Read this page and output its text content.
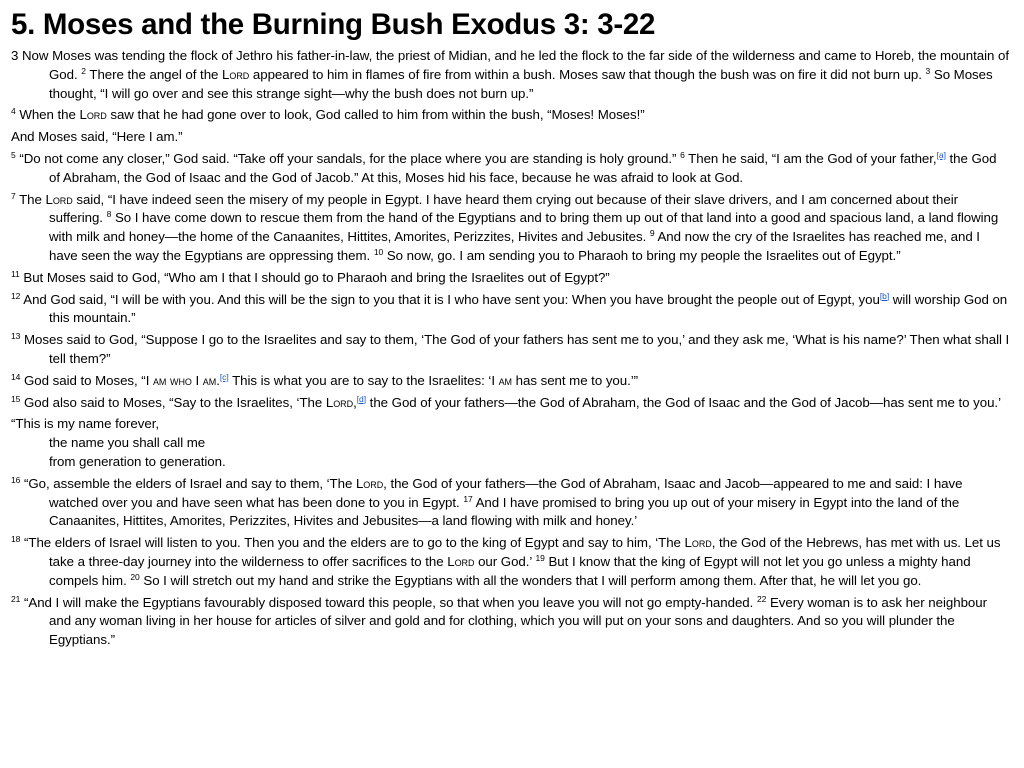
5. Moses and the Burning Bush Exodus 3: 3-22

3 Now Moses was tending the flock of Jethro his father-in-law, the priest of Midian, and he led the flock to the far side of the wilderness and came to Horeb, the mountain of God. $^2$ There the angel of the Lord appeared to him in flames of fire from within a bush. Moses saw that though the bush was on fire it did not burn up. $^3$ So Moses thought, “I will go over and see this strange sight—why the bush does not burn up.”

$^4$ When the Lord saw that he had gone over to look, God called to him from within the bush, “Moses! Moses!”

And Moses said, “Here I am.”

$^5$ “Do not come any closer,” God said. “Take off your sandals, for the place where you are standing is holy ground.” $^6$ Then he said, “I am the God of your father,[a] the God of Abraham, the God of Isaac and the God of Jacob.” At this, Moses hid his face, because he was afraid to look at God.

$^7$ The Lord said, “I have indeed seen the misery of my people in Egypt. I have heard them crying out because of their slave drivers, and I am concerned about their suffering. $^8$ So I have come down to rescue them from the hand of the Egyptians and to bring them up out of that land into a good and spacious land, a land flowing with milk and honey—the home of the Canaanites, Hittites, Amorites, Perizzites, Hivites and Jebusites. $^9$ And now the cry of the Israelites has reached me, and I have seen the way the Egyptians are oppressing them. $^{10}$ So now, go. I am sending you to Pharaoh to bring my people the Israelites out of Egypt.”

$^{11}$ But Moses said to God, “Who am I that I should go to Pharaoh and bring the Israelites out of Egypt?”

$^{12}$ And God said, “I will be with you. And this will be the sign to you that it is I who have sent you: When you have brought the people out of Egypt, you[b] will worship God on this mountain.”

$^{13}$ Moses said to God, “Suppose I go to the Israelites and say to them, ‘The God of your fathers has sent me to you,’ and they ask me, ‘What is his name?’ Then what shall I tell them?”

$^{14}$ God said to Moses, “I am who I am.[c] This is what you are to say to the Israelites: ‘I am has sent me to you.’”

$^{15}$ God also said to Moses, “Say to the Israelites, ‘The Lord,[d] the God of your fathers—the God of Abraham, the God of Isaac and the God of Jacob—has sent me to you.’

“This is my name forever,
the name you shall call me
from generation to generation.

$^{16}$ “Go, assemble the elders of Israel and say to them, ‘The Lord, the God of your fathers—the God of Abraham, Isaac and Jacob—appeared to me and said: I have watched over you and have seen what has been done to you in Egypt. $^{17}$ And I have promised to bring you up out of your misery in Egypt into the land of the Canaanites, Hittites, Amorites, Perizzites, Hivites and Jebusites—a land flowing with milk and honey.’

$^{18}$ “The elders of Israel will listen to you. Then you and the elders are to go to the king of Egypt and say to him, ‘The Lord, the God of the Hebrews, has met with us. Let us take a three-day journey into the wilderness to offer sacrifices to the Lord our God.’ $^{19}$ But I know that the king of Egypt will not let you go unless a mighty hand compels him. $^{20}$ So I will stretch out my hand and strike the Egyptians with all the wonders that I will perform among them. After that, he will let you go.

$^{21}$ “And I will make the Egyptians favourably disposed toward this people, so that when you leave you will not go empty-handed. $^{22}$ Every woman is to ask her neighbour and any woman living in her house for articles of silver and gold and for clothing, which you will put on your sons and daughters. And so you will plunder the Egyptians.”
